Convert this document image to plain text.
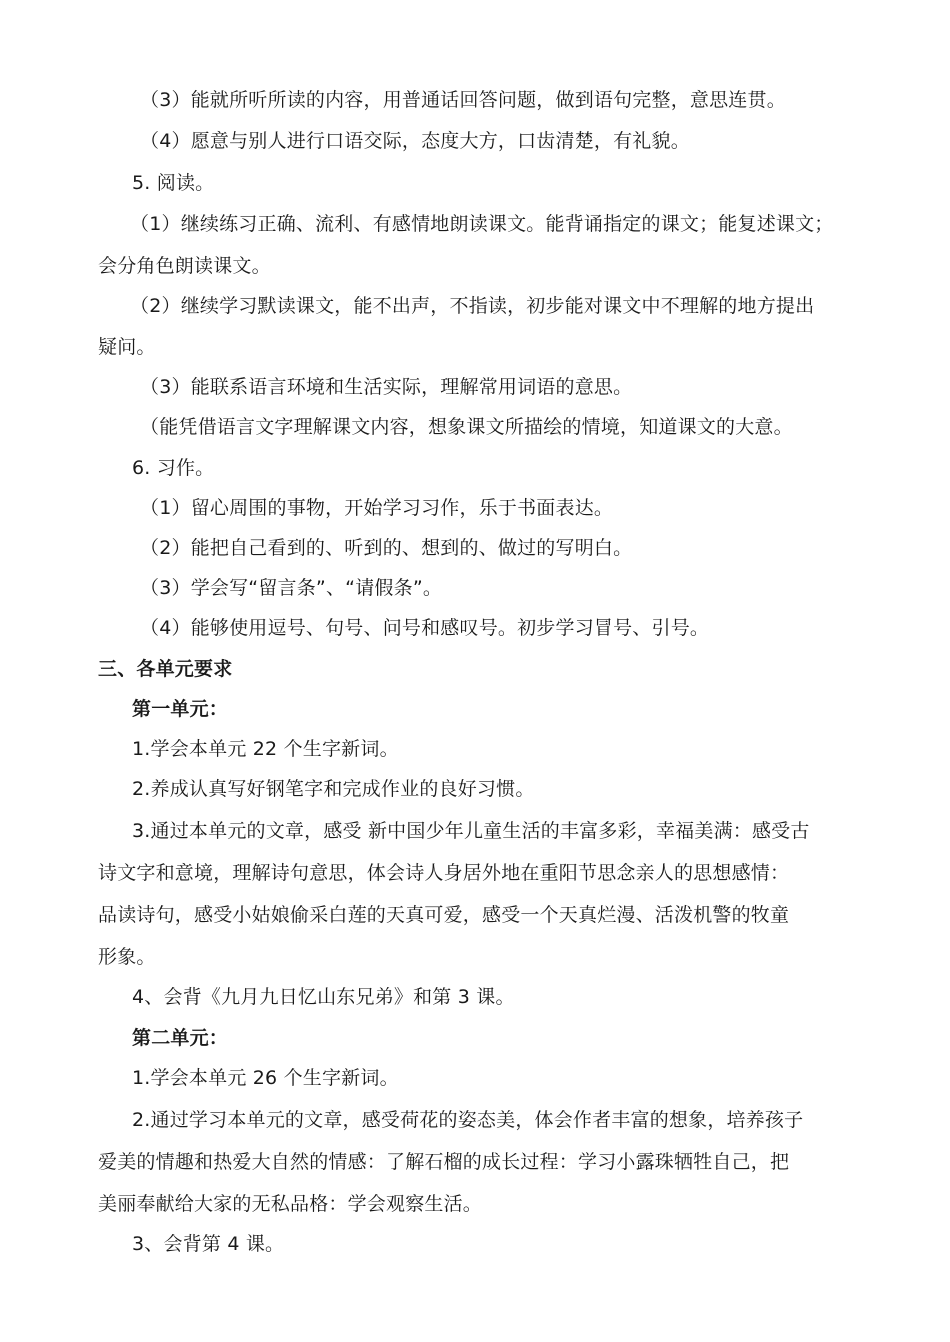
（3）能就所听所读的内容，用普通话回答问题，做到语句完整，意思连贯。
（4）愿意与别人进行口语交际，态度大方，口齿清楚，有礼貌。
5. 阅读。
（1）继续练习正确、流利、有感情地朗读课文。能背诵指定的课文；能复述课文；
会分角色朗读课文。
（2）继续学习默读课文，能不出声，不指读，初步能对课文中不理解的地方提出
疑问。
（3）能联系语言环境和生活实际，理解常用词语的意思。
（能凭借语言文字理解课文内容，想象课文所描绘的情境，知道课文的大意。
6. 习作。
（1）留心周围的事物，开始学习习作，乐于书面表达。
（2）能把自己看到的、听到的、想到的、做过的写明白。
（3）学会写“留言条”、“请假条”。
（4）能够使用逗号、句号、问号和感叹号。初步学习冒号、引号。
三、各单元要求
第一单元：
1.学会本单元 22 个生字新词。
2.养成认真写好钢笔字和完成作业的良好习惯。
3.通过本单元的文章，感受 新中国少年儿童生活的丰富多彩，幸福美满：感受古
诗文字和意境，理解诗句意思，体会诗人身居外地在重阳节思念亲人的思想感情：
品读诗句，感受小姑娘偷采白莲的天真可爱，感受一个天真烂漫、活泼机警的牧童
形象。
4、会背《九月九日忆山东兄弟》和第 3 课。
第二单元：
1.学会本单元 26 个生字新词。
2.通过学习本单元的文章，感受荷花的姿态美，体会作者丰富的想象，培养孩子
爱美的情趣和热爱大自然的情感：了解石榴的成长过程：学习小露珠牺牲自己，把
美丽奉献给大家的无私品格：学会观察生活。
3、会背第 4 课。
